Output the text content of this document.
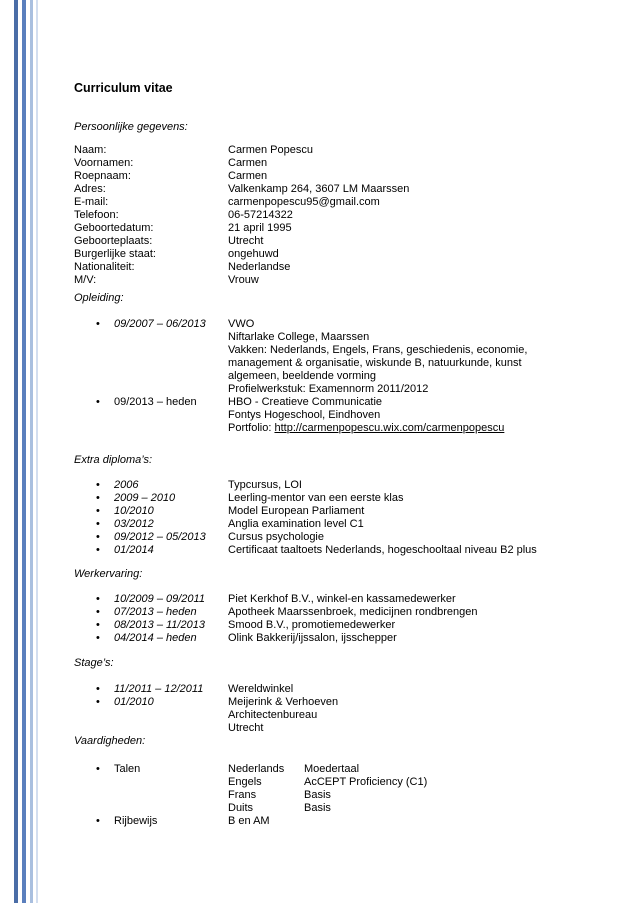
Curriculum vitae
Persoonlijke gegevens:
Naam:	Carmen Popescu
Voornamen:	Carmen
Roepnaam:	Carmen
Adres:	Valkenkamp 264, 3607 LM Maarssen
E-mail:	carmenpopescu95@gmail.com
Telefoon:	06-57214322
Geboortedatum:	21 april 1995
Geboorteplaats:	Utrecht
Burgerlijke staat:	ongehuwd
Nationaliteit:	Nederlandse
M/V:	Vrouw
Opleiding:
• 09/2007 – 06/2013 VWO
Niftarlake College, Maarssen
Vakken: Nederlands, Engels, Frans, geschiedenis, economie,
management & organisatie, wiskunde B, natuurkunde, kunst
algemeen, beeldende vorming
Profielwerkstuk: Examennorm 2011/2012
• 09/2013 – heden	HBO - Creatieve Communicatie
Fontys Hogeschool, Eindhoven
Portfolio: http://carmenpopescu.wix.com/carmenpopescu
Extra diploma’s:
• 2006	Typcursus, LOI
• 2009 – 2010	Leerling-mentor van een eerste klas
• 10/2010	Model European Parliament
• 03/2012	Anglia examination level C1
• 09/2012 – 05/2013 Cursus psychologie
• 01/2014	Certificaat taaltoets Nederlands, hogeschooltaal niveau B2 plus
Werkervaring:
• 10/2009 – 09/2011 Piet Kerkhof B.V., winkel-en kassamedewerker
• 07/2013 – heden	Apotheek Maarssenbroek, medicijnen rondbrengen
• 08/2013 – 11/2013 Smood B.V., promotiemedewerker
• 04/2014 – heden	Olink Bakkerij/ijssalon, ijsschepper
Stage’s:
• 11/2011 – 12/2011 Wereldwinkel
• 01/2010	Meijerink & Verhoeven
Architectenbureau
Utrecht
Vaardigheden:
• Talen	Nederlands Moedertaal
Engels	AcCEPT Proficiency (C1)
Frans	Basis
Duits	Basis
• Rijbewijs	B en AM
